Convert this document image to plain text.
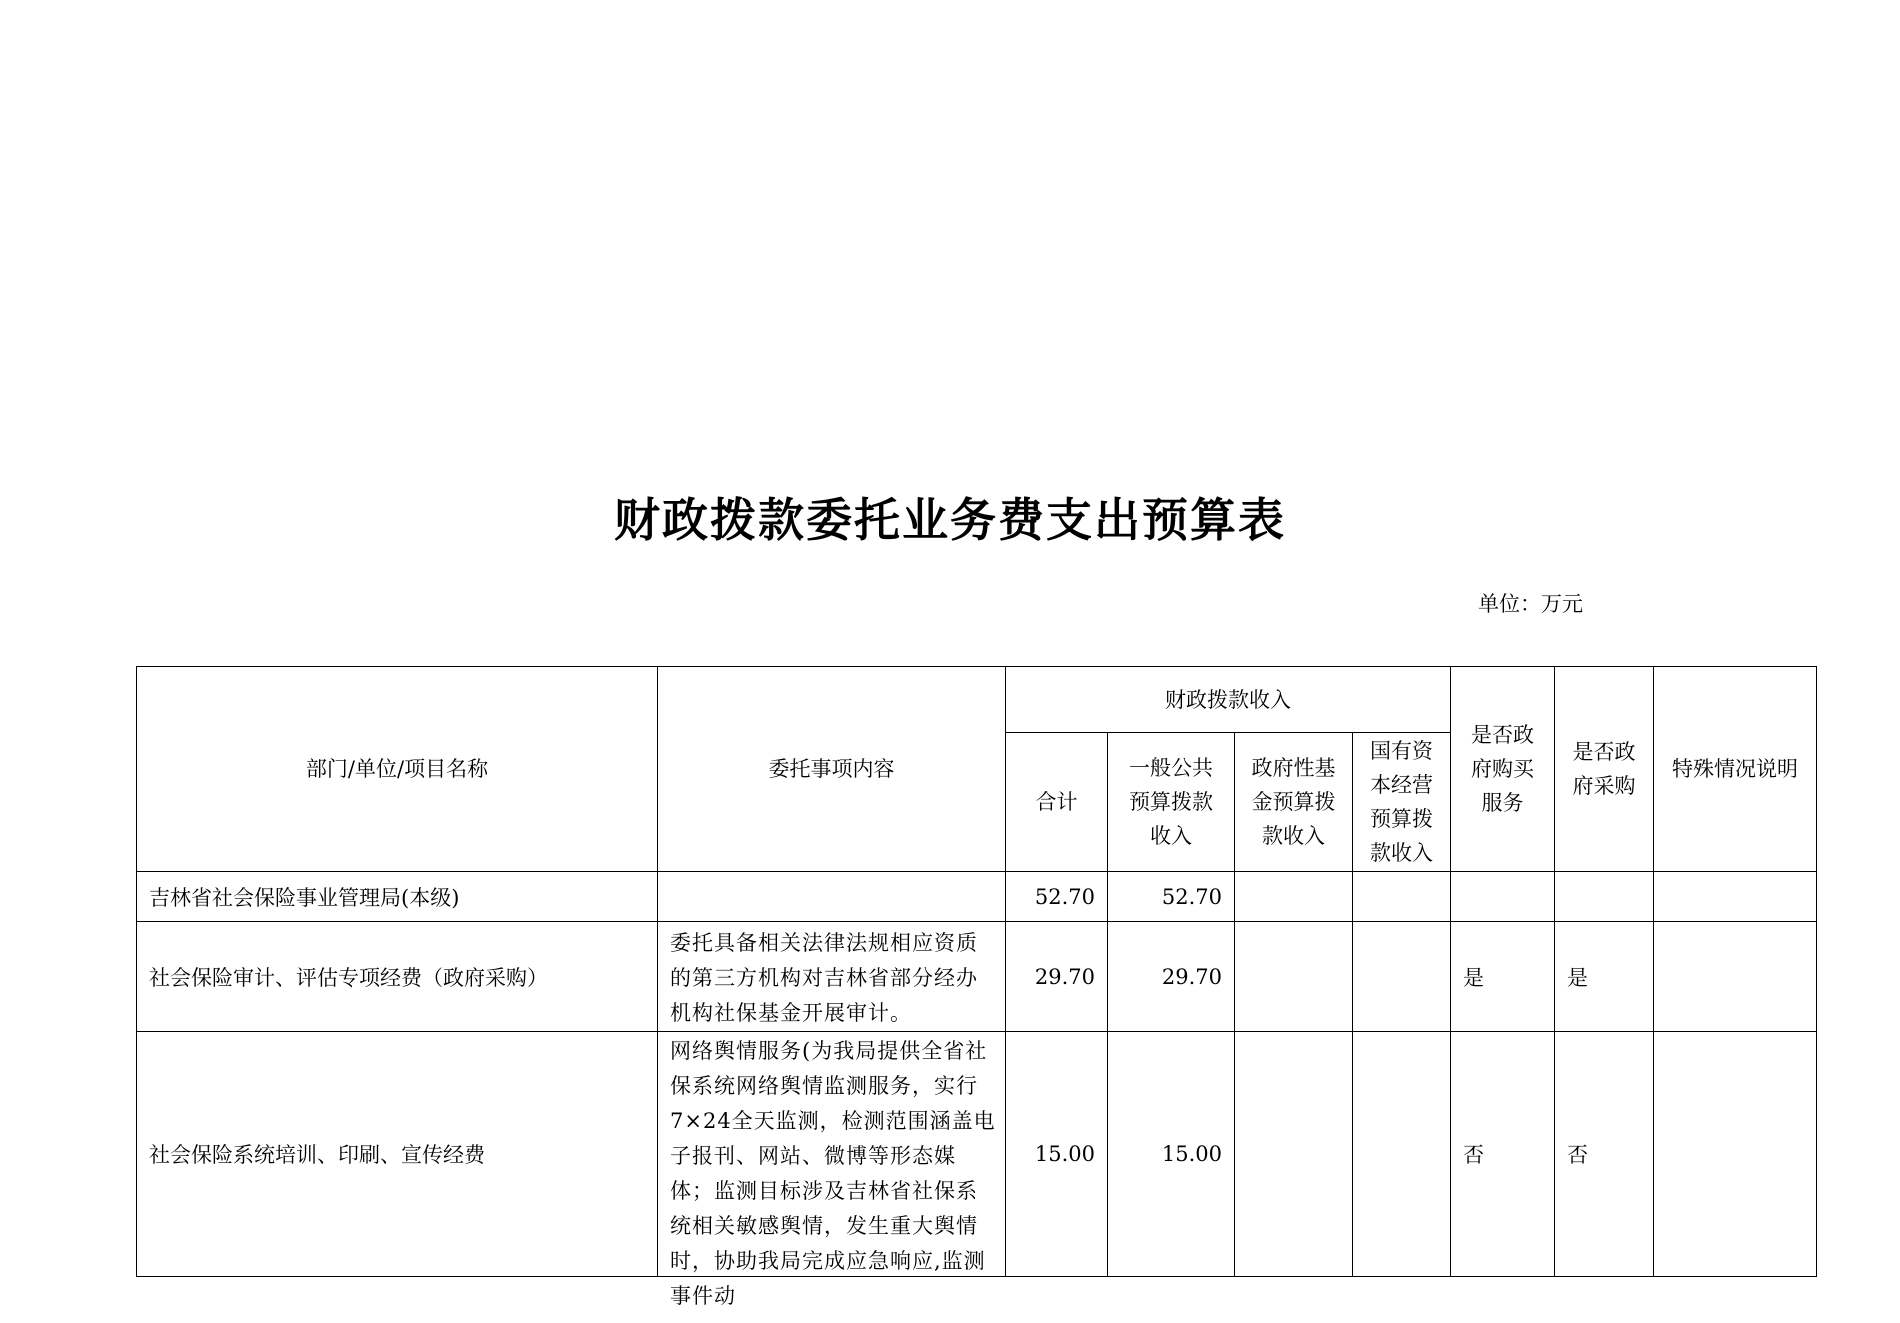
财政拨款委托业务费支出预算表
单位：万元
部门/单位/项目名称	委托事项内容	财政拨款收入				是否政府购买服务	是否政府采购	特殊情况说明
		合计	一般公共预算拨款收入	政府性基金预算拨款收入	国有资本经营预算拨款收入			
吉林省社会保险事业管理局(本级)		52.70	52.70					
社会保险审计、评估专项经费（政府采购）	委托具备相关法律法规相应资质的第三方机构对吉林省部分经办机构社保基金开展审计。	29.70	29.70			是	是	
社会保险系统培训、印刷、宣传经费	网络舆情服务(为我局提供全省社保系统网络舆情监测服务，实行7×24全天监测，检测范围涵盖电子报刊、网站、微博等形态媒体；监测目标涉及吉林省社保系统相关敏感舆情，发生重大舆情时，协助我局完成应急响应,监测事件动	15.00	15.00			否	否	
